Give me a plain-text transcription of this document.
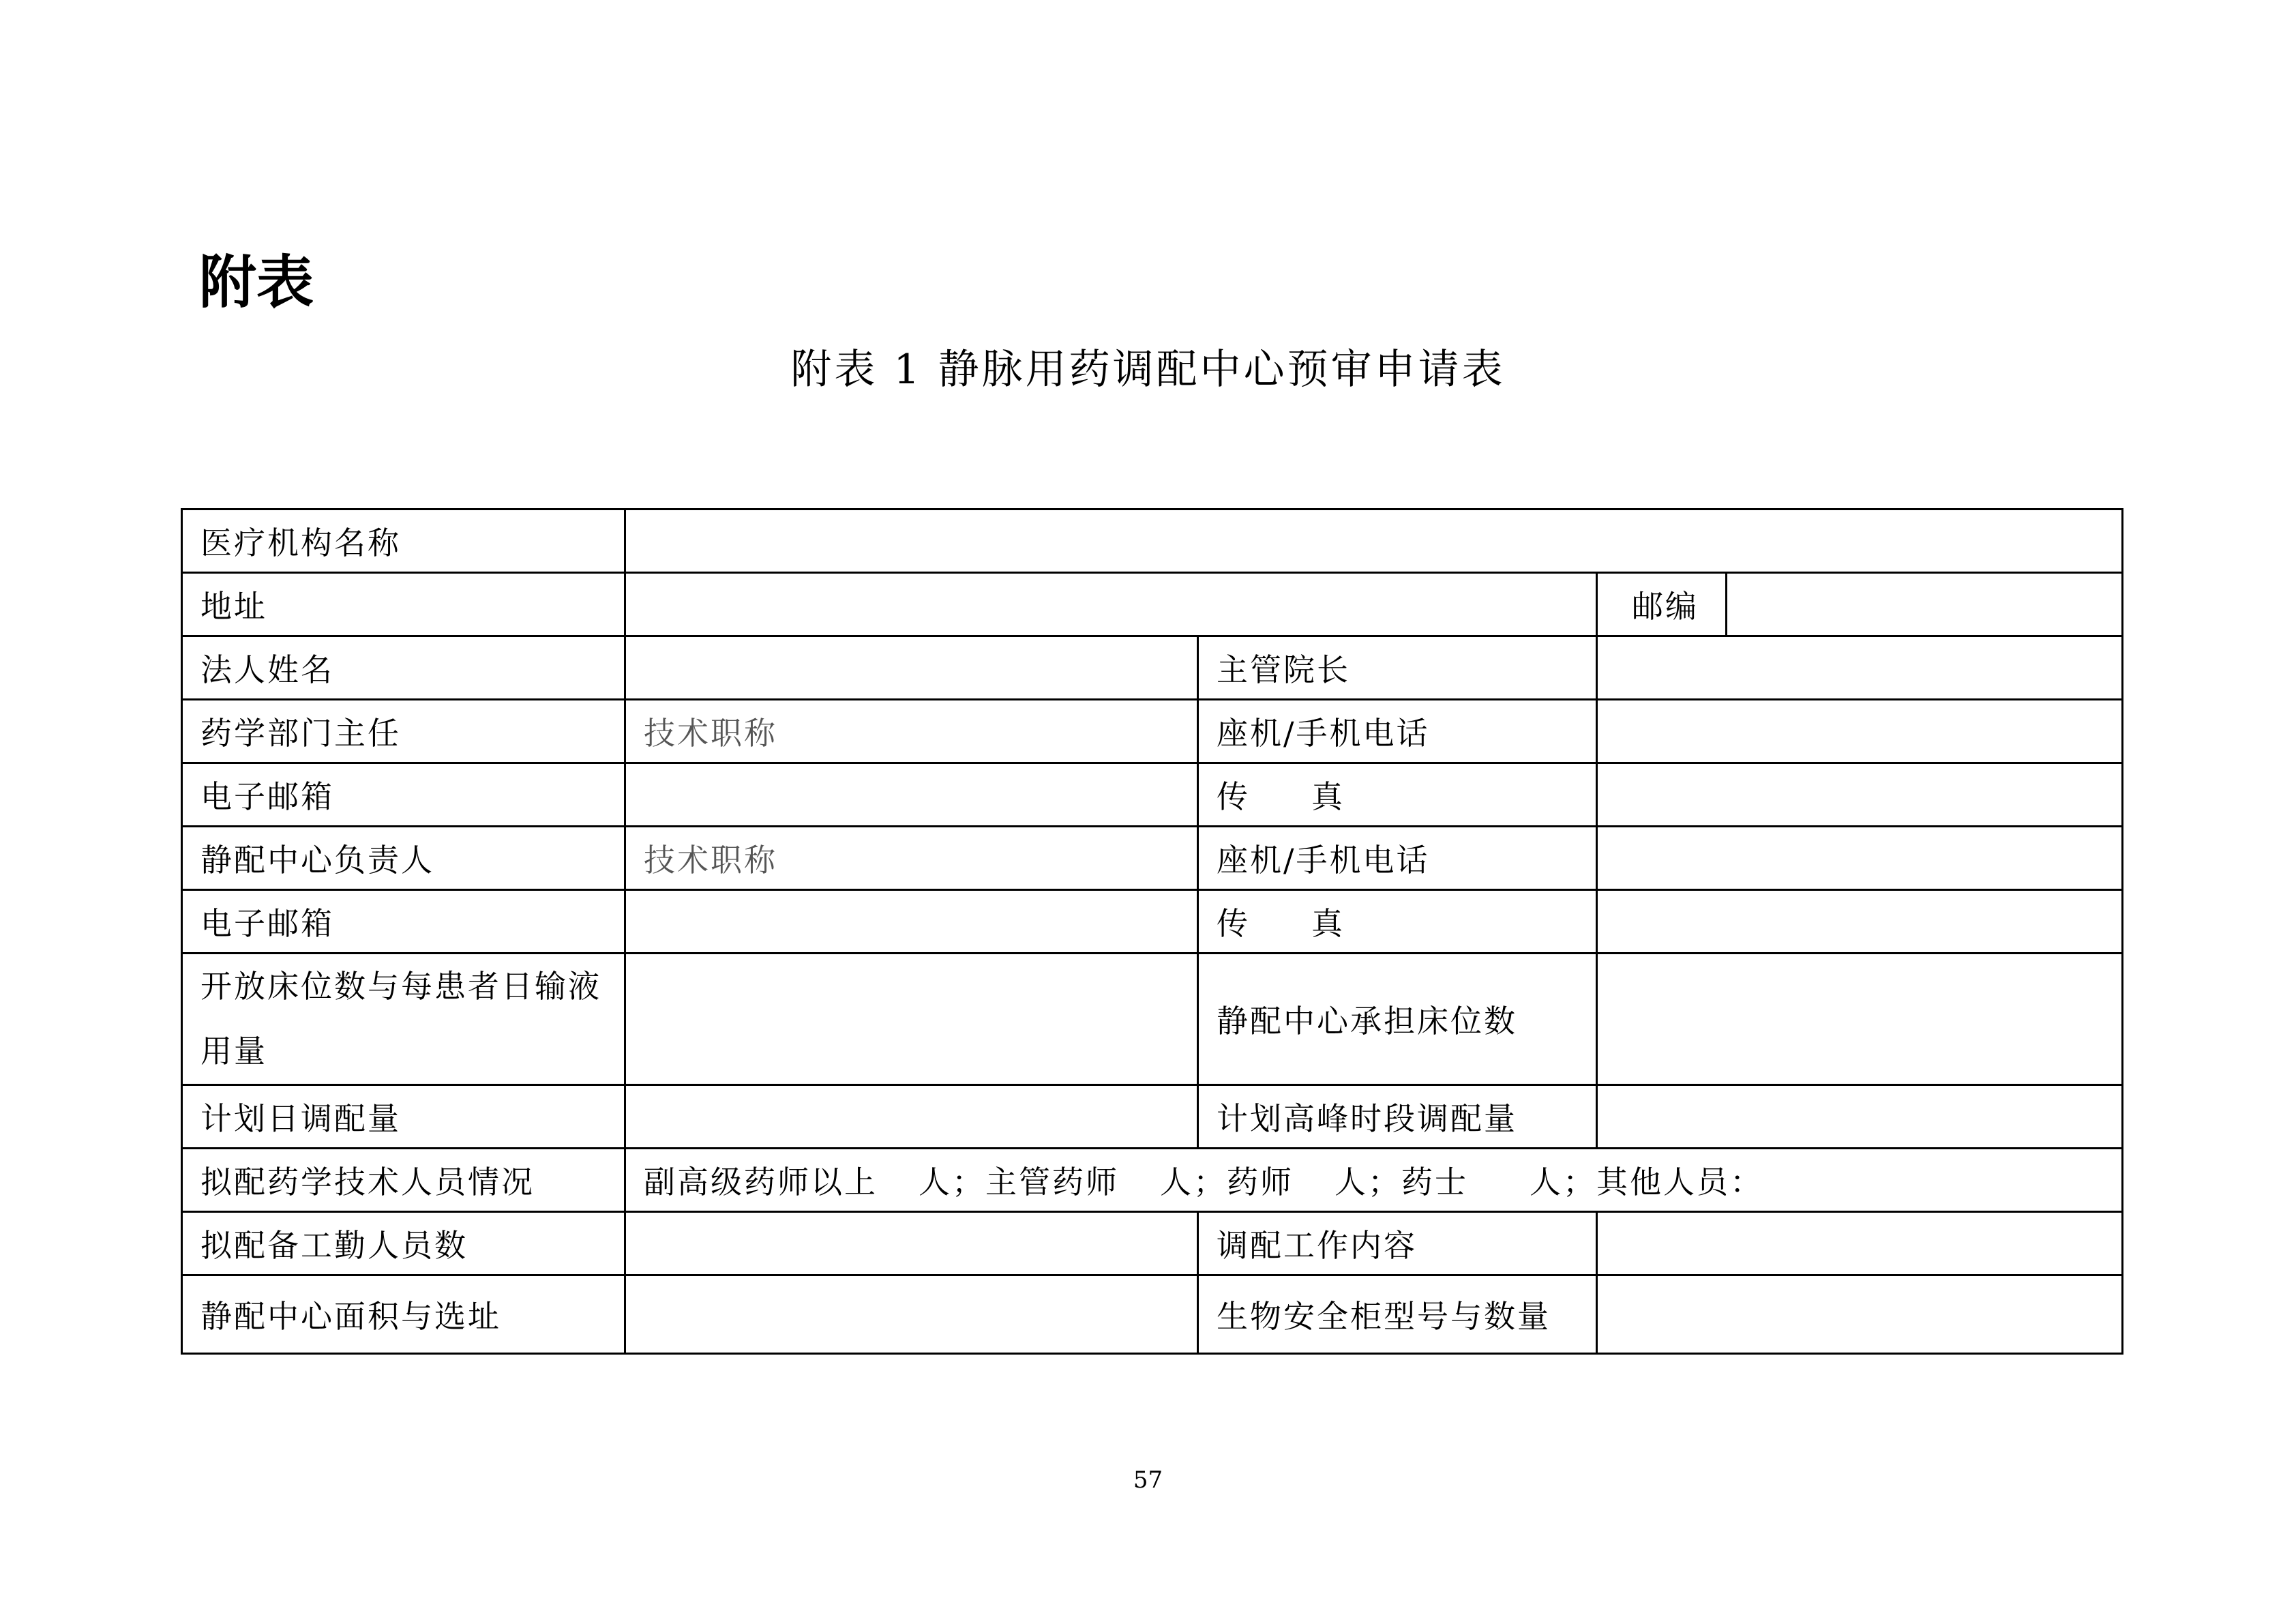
附表
附表 1 静脉用药调配中心预审申请表
医疗机构名称				
地址			邮编	
法人姓名		主管院长		
药学部门主任	技术职称	座机/手机电话		
电子邮箱		传 真		
静配中心负责人	技术职称	座机/手机电话		
电子邮箱		传 真		
开放床位数与每患者日输液用量		静配中心承担床位数		
计划日调配量		计划高峰时段调配量		
拟配药学技术人员情况	副高级药师以上 人；主管药师 人；药师 人；药士 人；其他人员：			
拟配备工勤人员数		调配工作内容		
静配中心面积与选址		生物安全柜型号与数量		
57
